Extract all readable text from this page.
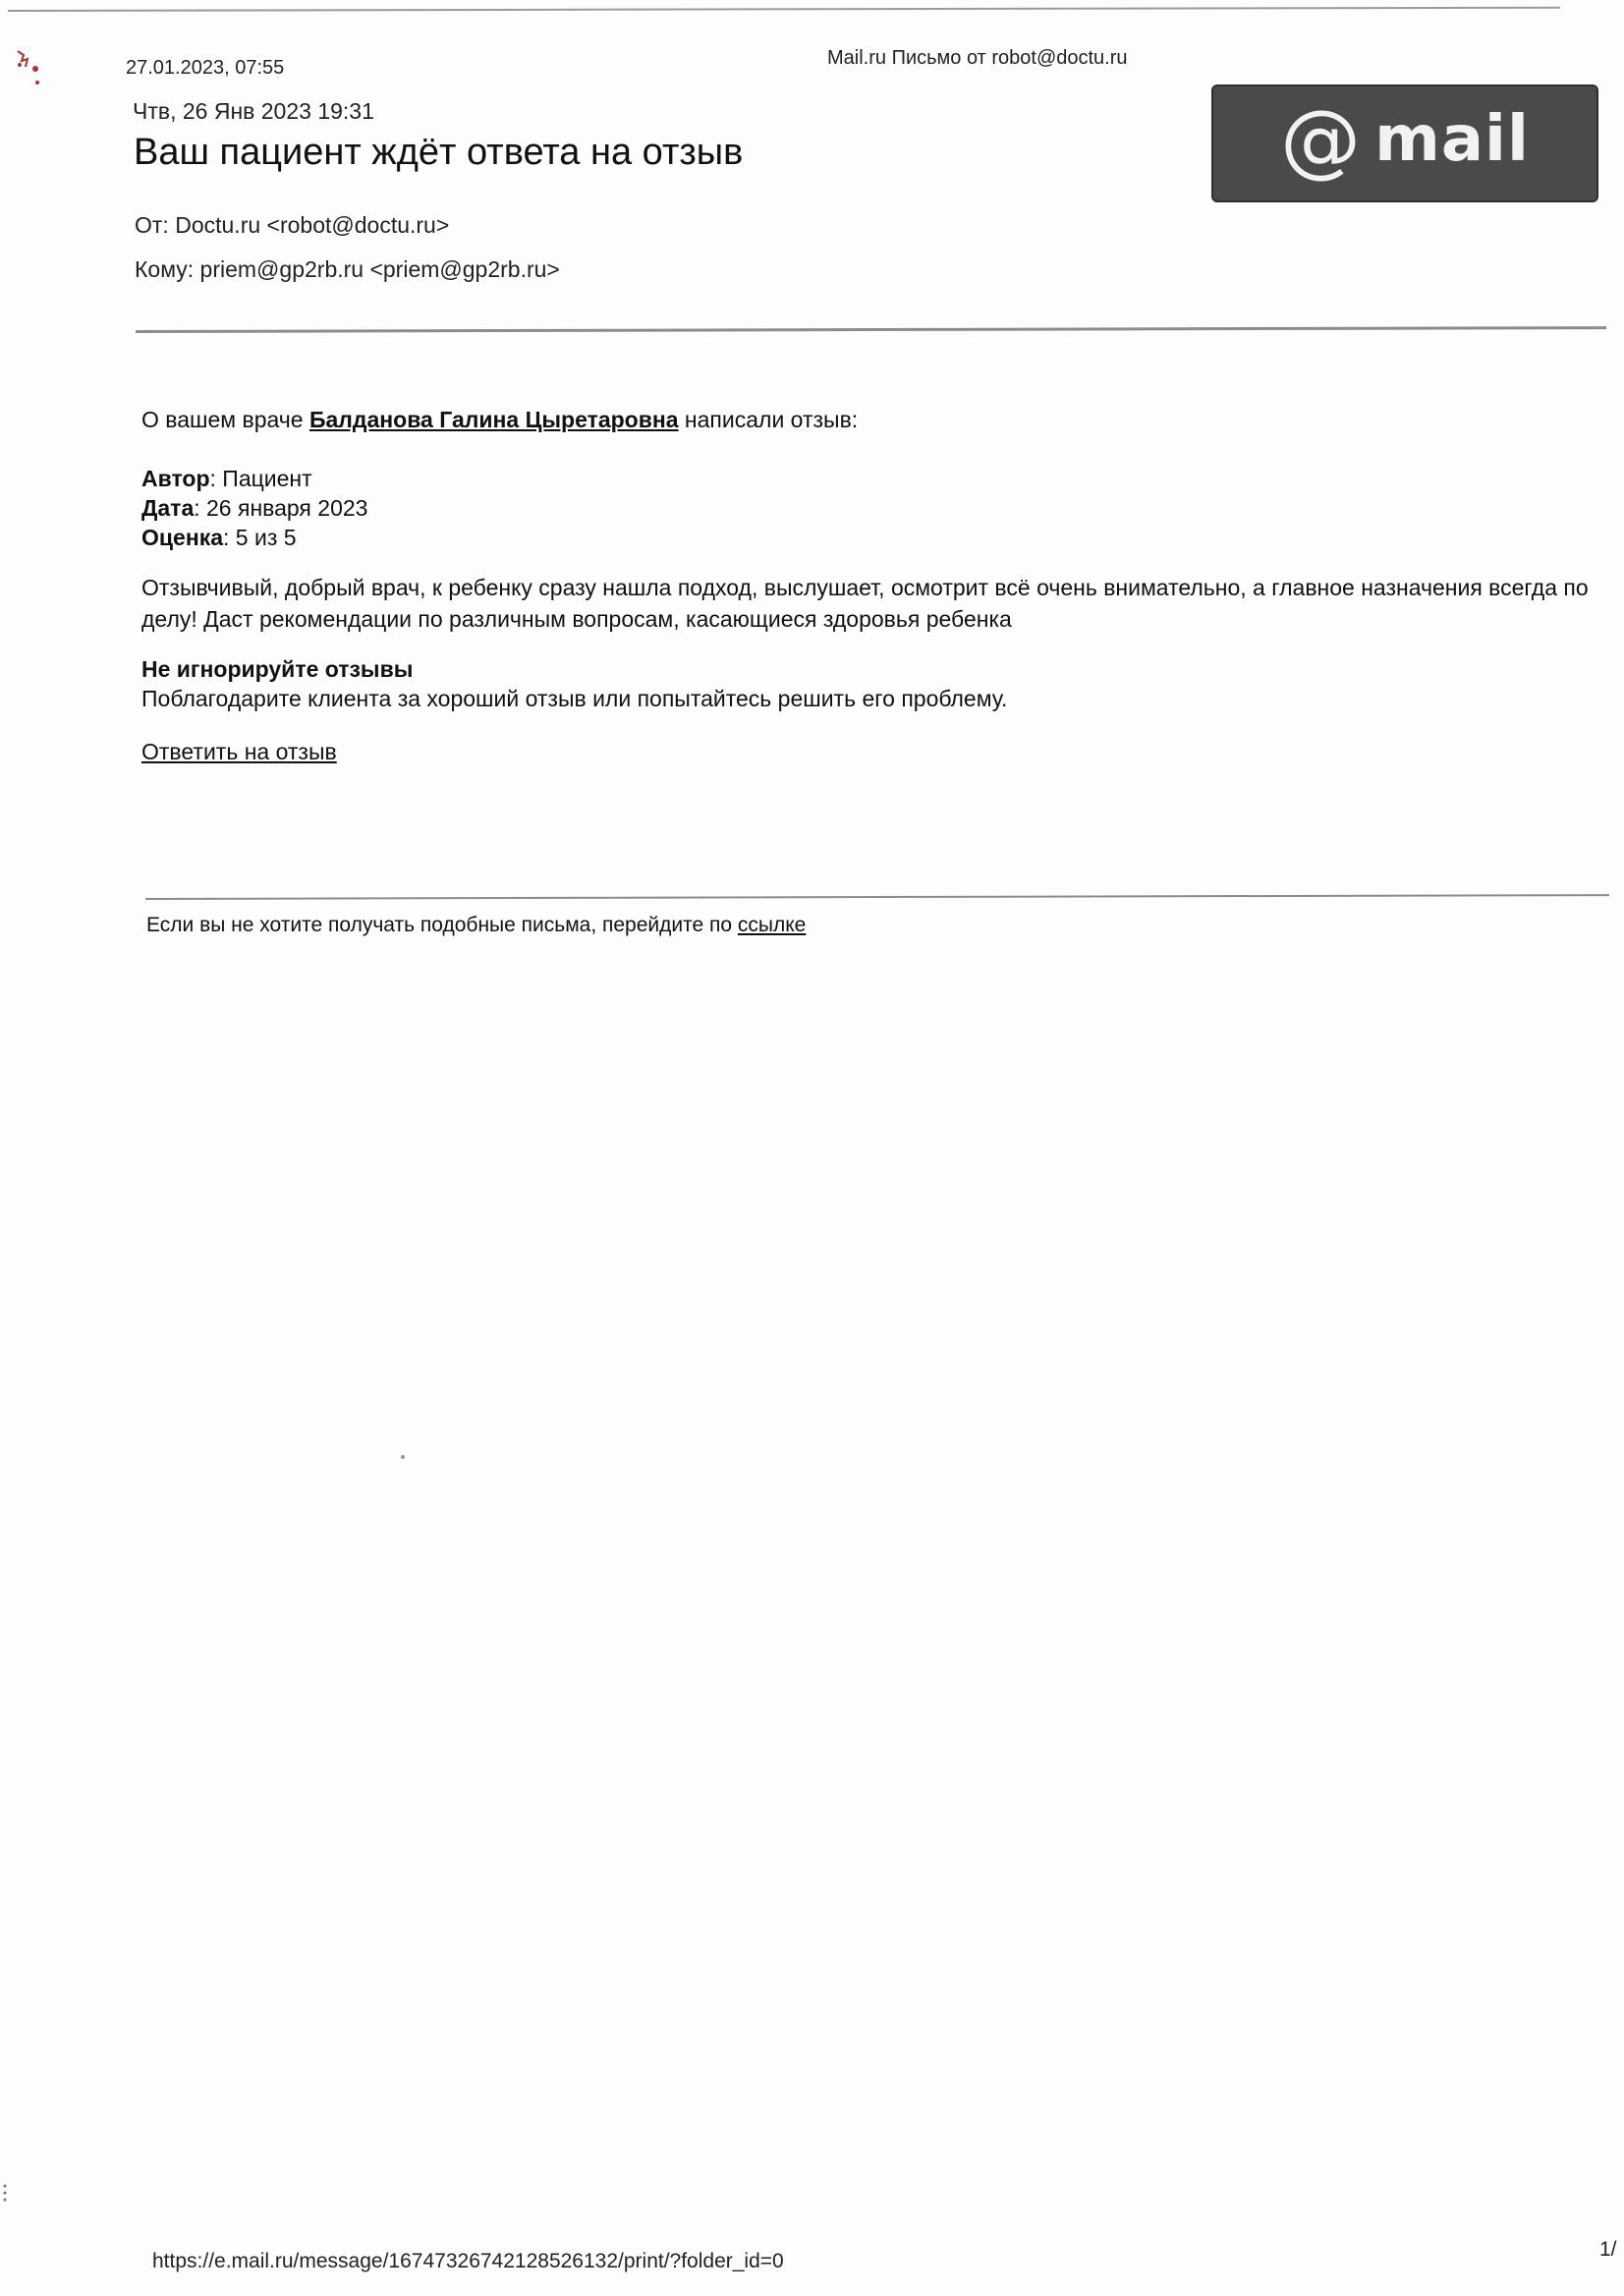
27.01.2023, 07:55	Mail.ru Письмо от robot@doctu.ru
@ mail
Чтв, 26 Янв 2023 19:31
Ваш пациент ждёт ответа на отзыв
От: Doctu.ru <robot@doctu.ru>
Кому: priem@gp2rb.ru <priem@gp2rb.ru>
О вашем враче Балданова Галина Цыретаровна написали отзыв:
Автор: Пациент
Дата: 26 января 2023
Оценка: 5 из 5
Отзывчивый, добрый врач, к ребенку сразу нашла подход, выслушает, осмотрит всё очень внимательно, а главное назначения всегда по делу! Даст рекомендации по различным вопросам, касающиеся здоровья ребенка
Не игнорируйте отзывы
Поблагодарите клиента за хороший отзыв или попытайтесь решить его проблему.
Ответить на отзыв
Если вы не хотите получать подобные письма, перейдите по ссылке
https://e.mail.ru/message/16747326742128526132/print/?folder_id=0
1/
